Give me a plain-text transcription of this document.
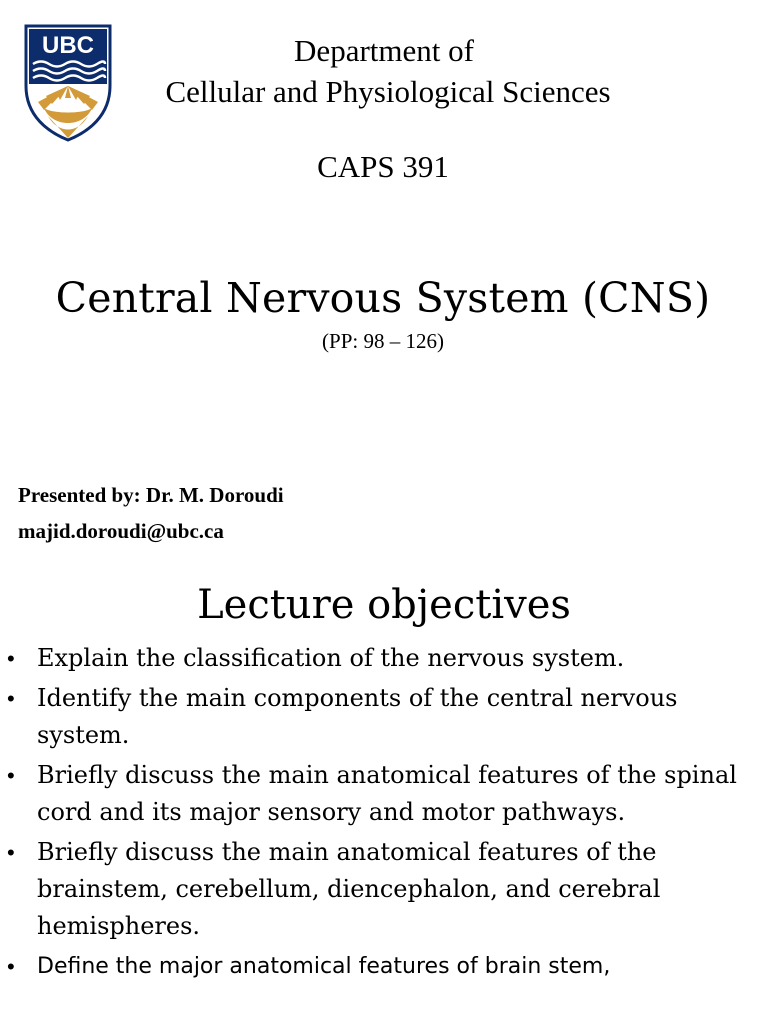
UBC	Department of
Cellular and Physiological Sciences
CAPS 391
Central Nervous System (CNS)
(PP: 98 – 126)
Presented by: Dr. M. Doroudi
majid.doroudi@ubc.ca
Lecture objectives
• Explain the classification of the nervous system.
• Identify the main components of the central nervous system.
• Briefly discuss the main anatomical features of the spinal cord and its major sensory and motor pathways.
• Briefly discuss the main anatomical features of the brainstem, cerebellum, diencephalon, and cerebral hemispheres.
• Define the major anatomical features of brain stem,
